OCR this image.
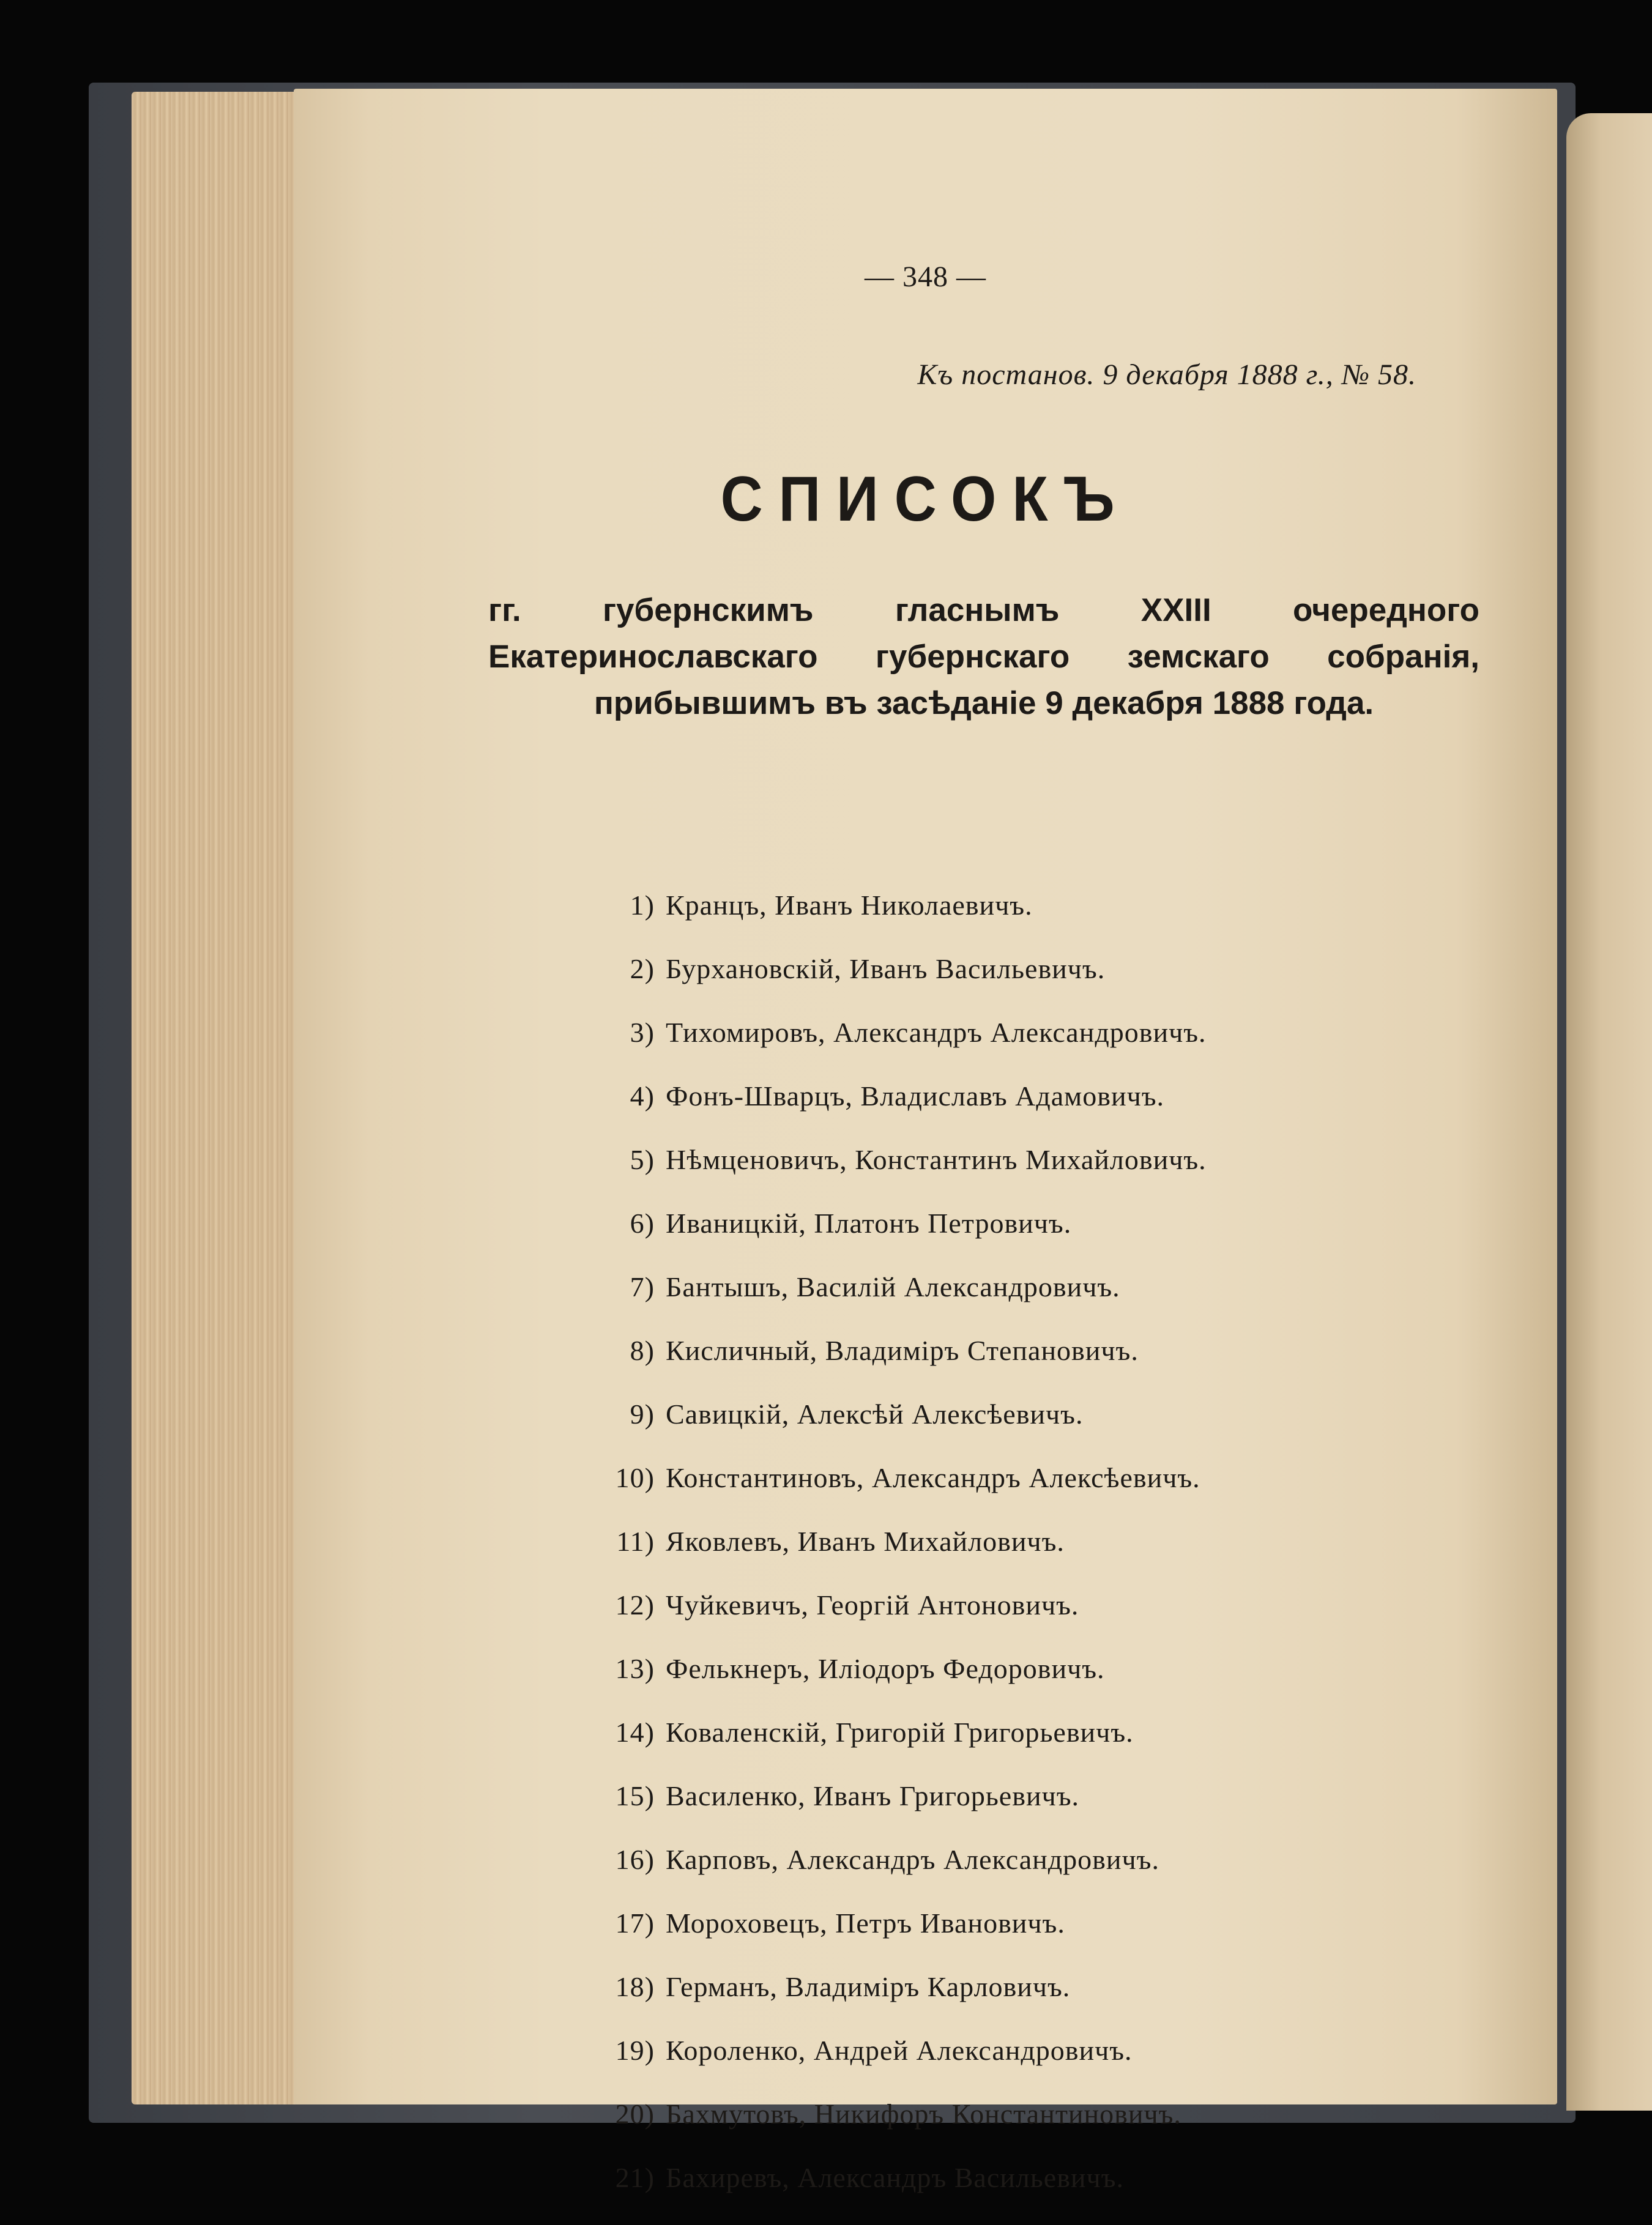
— 348 —
Къ постанов. 9 декабря 1888 г., № 58.
СПИСОКЪ
гг. губернскимъ гласнымъ XXIII очередного Екатеринославскаго губернскаго земскаго собранія, прибывшимъ въ засѣданіе 9 декабря 1888 года.
1) Кранцъ, Иванъ Николаевичъ.
2) Бурхановскій, Иванъ Васильевичъ.
3) Тихомировъ, Александръ Александровичъ.
4) Фонъ-Шварцъ, Владиславъ Адамовичъ.
5) Нѣмценовичъ, Константинъ Михайловичъ.
6) Иваницкій, Платонъ Петровичъ.
7) Бантышъ, Василій Александровичъ.
8) Кисличный, Владиміръ Степановичъ.
9) Савицкій, Алексѣй Алексѣевичъ.
10) Константиновъ, Александръ Алексѣевичъ.
11) Яковлевъ, Иванъ Михайловичъ.
12) Чуйкевичъ, Георгій Антоновичъ.
13) Фелькнеръ, Иліодоръ Федоровичъ.
14) Коваленскій, Григорій Григорьевичъ.
15) Василенко, Иванъ Григорьевичъ.
16) Карповъ, Александръ Александровичъ.
17) Мороховецъ, Петръ Ивановичъ.
18) Германъ, Владиміръ Карловичъ.
19) Короленко, Андрей Александровичъ.
20) Бахмутовъ, Никифоръ Константиновичъ.
21) Бахиревъ, Александръ Васильевичъ.
